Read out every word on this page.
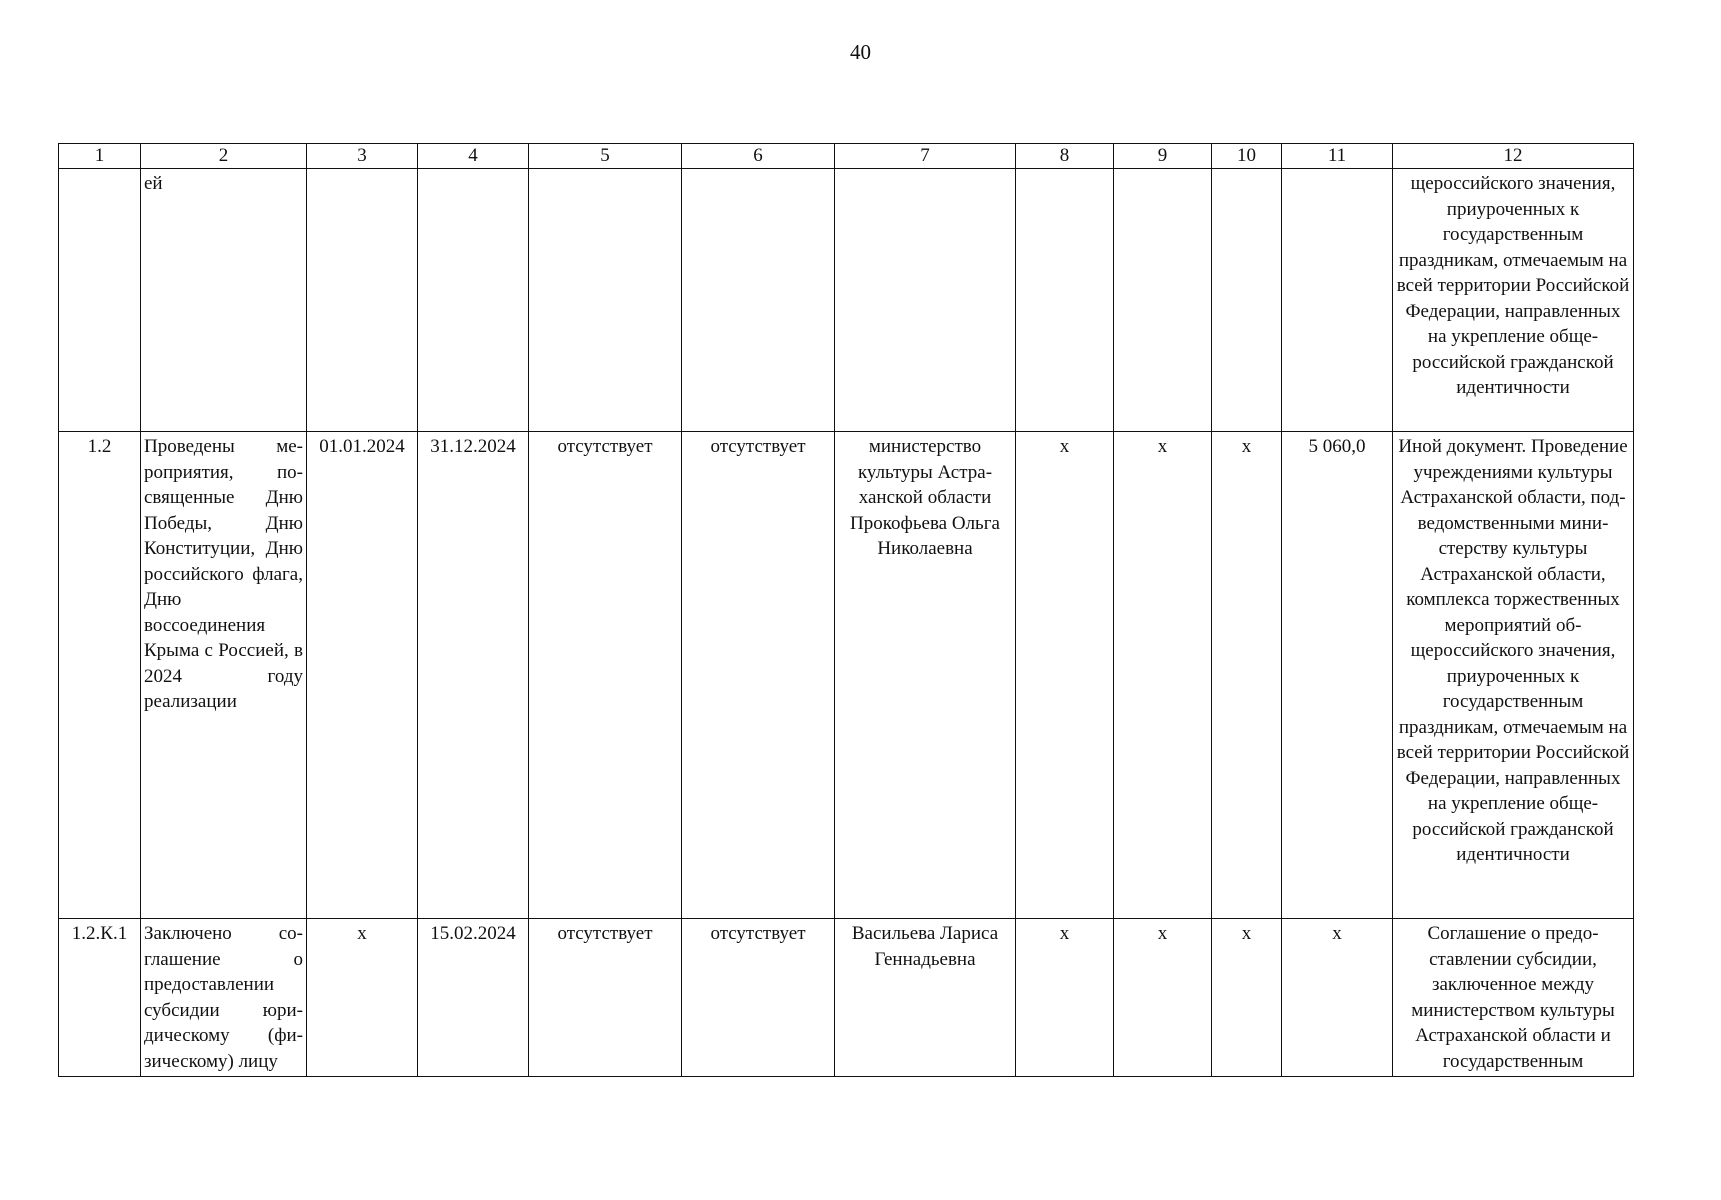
40
1	2	3	4	5	6	7	8	9	10	11	12
	ей										щероссийского значения, приуроченных к государственным праздникам, отмечаемым на всей территории Российской Федерации, направленных на укрепление общероссийской гражданской идентичности
1.2	Проведены мероприятия, посвященные Дню Победы, Дню Конституции, Дню российского флага, Дню воссоединения Крыма с Россией, в 2024 году реализации	01.01.2024	31.12.2024	отсутствует	отсутствует	министерство культуры Астраханской области Прокофьева Ольга Николаевна	х	х	х	5 060,0	Иной документ. Проведение учреждениями культуры Астраханской области, подведомственными министерству культуры Астраханской области, комплекса торжественных мероприятий общероссийского значения, приуроченных к государственным праздникам, отмечаемым на всей территории Российской Федерации, направленных на укрепление общероссийской гражданской идентичности
1.2.К.1	Заключено соглашение о предоставлении субсидии юридическому (физическому) лицу	х	15.02.2024	отсутствует	отсутствует	Васильева Лариса Геннадьевна	х	х	х	х	Соглашение о предоставлении субсидии, заключенное между министерством культуры Астраханской области и государственным
